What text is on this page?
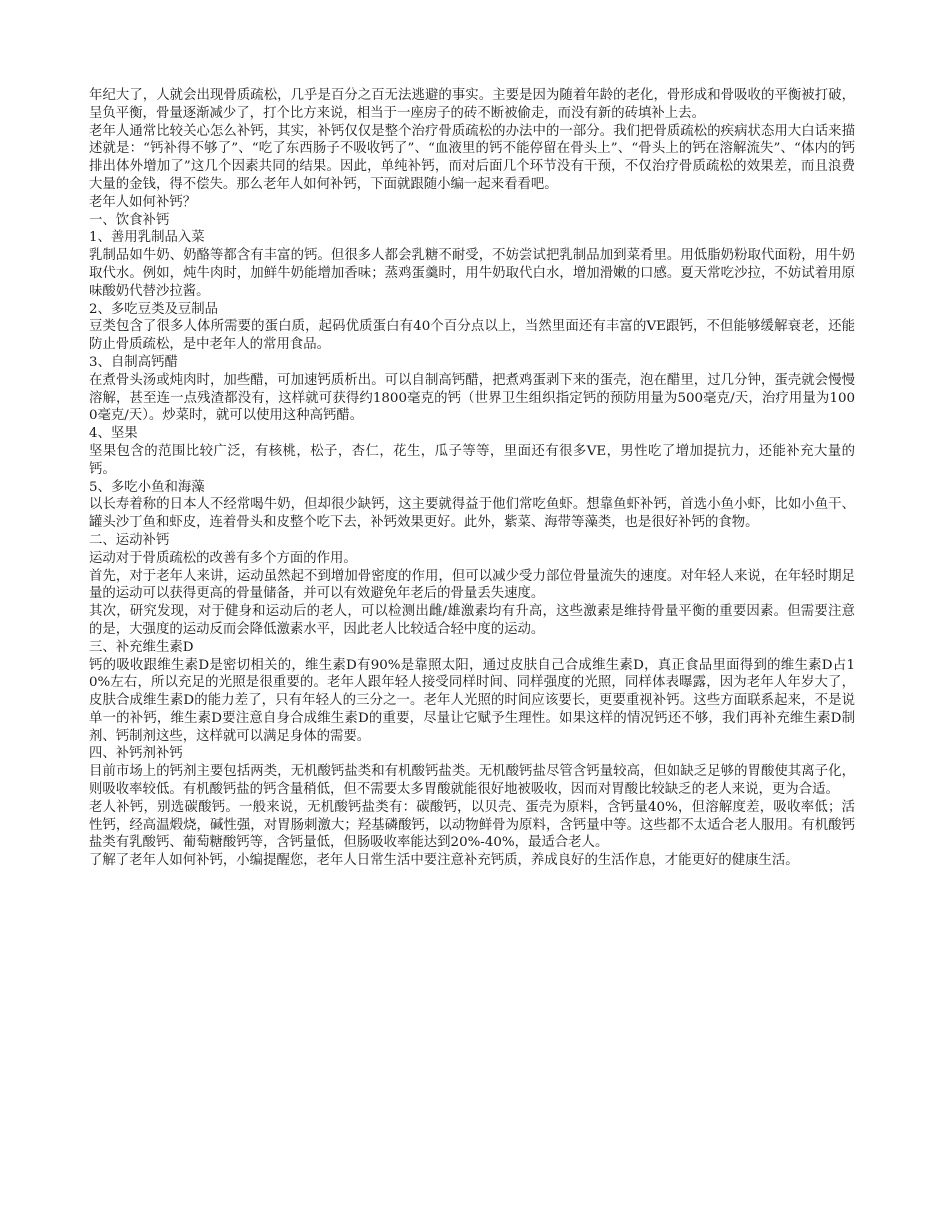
年纪大了，人就会出现骨质疏松，几乎是百分之百无法逃避的事实。主要是因为随着年龄的老化，骨形成和骨吸收的平衡被打破，呈负平衡，骨量逐渐减少了，打个比方来说，相当于一座房子的砖不断被偷走，而没有新的砖填补上去。

老年人通常比较关心怎么补钙，其实，补钙仅仅是整个治疗骨质疏松的办法中的一部分。我们把骨质疏松的疾病状态用大白话来描述就是：“钙补得不够了”、“吃了东西肠子不吸收钙了”、“血液里的钙不能停留在骨头上”、“骨头上的钙在溶解流失”、“体内的钙排出体外增加了”这几个因素共同的结果。因此，单纯补钙，而对后面几个环节没有干预，不仅治疗骨质疏松的效果差，而且浪费大量的金钱，得不偿失。那么老年人如何补钙，下面就跟随小编一起来看看吧。

老年人如何补钙？

一、饮食补钙

1、善用乳制品入菜

乳制品如牛奶、奶酪等都含有丰富的钙。但很多人都会乳糖不耐受，不妨尝试把乳制品加到菜肴里。用低脂奶粉取代面粉，用牛奶取代水。例如，炖牛肉时，加鲜牛奶能增加香味；蒸鸡蛋羹时，用牛奶取代白水，增加滑嫩的口感。夏天常吃沙拉，不妨试着用原味酸奶代替沙拉酱。

2、多吃豆类及豆制品

豆类包含了很多人体所需要的蛋白质，起码优质蛋白有40个百分点以上，当然里面还有丰富的VE跟钙，不但能够缓解衰老，还能防止骨质疏松，是中老年人的常用食品。

3、自制高钙醋

在煮骨头汤或炖肉时，加些醋，可加速钙质析出。可以自制高钙醋，把煮鸡蛋剥下来的蛋壳，泡在醋里，过几分钟，蛋壳就会慢慢溶解，甚至连一点残渣都没有，这样就可获得约1800毫克的钙（世界卫生组织指定钙的预防用量为500毫克/天，治疗用量为1000毫克/天）。炒菜时，就可以使用这种高钙醋。

4、坚果

坚果包含的范围比较广泛，有核桃，松子，杏仁，花生，瓜子等等，里面还有很多VE，男性吃了增加提抗力，还能补充大量的钙。

5、多吃小鱼和海藻

以长寿着称的日本人不经常喝牛奶，但却很少缺钙，这主要就得益于他们常吃鱼虾。想靠鱼虾补钙，首选小鱼小虾，比如小鱼干、罐头沙丁鱼和虾皮，连着骨头和皮整个吃下去，补钙效果更好。此外，紫菜、海带等藻类，也是很好补钙的食物。

二、运动补钙

运动对于骨质疏松的改善有多个方面的作用。

首先，对于老年人来讲，运动虽然起不到增加骨密度的作用，但可以减少受力部位骨量流失的速度。对年轻人来说，在年轻时期足量的运动可以获得更高的骨量储备，并可以有效避免年老后的骨量丢失速度。

其次，研究发现，对于健身和运动后的老人，可以检测出雌/雄激素均有升高，这些激素是维持骨量平衡的重要因素。但需要注意的是，大强度的运动反而会降低激素水平，因此老人比较适合轻中度的运动。

三、补充维生素D

钙的吸收跟维生素D是密切相关的，维生素D有90%是靠照太阳，通过皮肤自己合成维生素D，真正食品里面得到的维生素D占10%左右，所以充足的光照是很重要的。老年人跟年轻人接受同样时间、同样强度的光照，同样体表曝露，因为老年人年岁大了，皮肤合成维生素D的能力差了，只有年轻人的三分之一。老年人光照的时间应该要长，更要重视补钙。这些方面联系起来，不是说单一的补钙，维生素D要注意自身合成维生素D的重要，尽量让它赋予生理性。如果这样的情况钙还不够，我们再补充维生素D制剂、钙制剂这些，这样就可以满足身体的需要。

四、补钙剂补钙

目前市场上的钙剂主要包括两类，无机酸钙盐类和有机酸钙盐类。无机酸钙盐尽管含钙量较高，但如缺乏足够的胃酸使其离子化，则吸收率较低。有机酸钙盐的钙含量稍低，但不需要太多胃酸就能很好地被吸收，因而对胃酸比较缺乏的老人来说，更为合适。

老人补钙，别选碳酸钙。一般来说，无机酸钙盐类有：碳酸钙，以贝壳、蛋壳为原料，含钙量40%，但溶解度差，吸收率低；活性钙，经高温煅烧，碱性强，对胃肠刺激大；羟基磷酸钙，以动物鲜骨为原料，含钙量中等。这些都不太适合老人服用。有机酸钙盐类有乳酸钙、葡萄糖酸钙等，含钙量低，但肠吸收率能达到20%-40%，最适合老人。

了解了老年人如何补钙，小编提醒您，老年人日常生活中要注意补充钙质，养成良好的生活作息，才能更好的健康生活。
